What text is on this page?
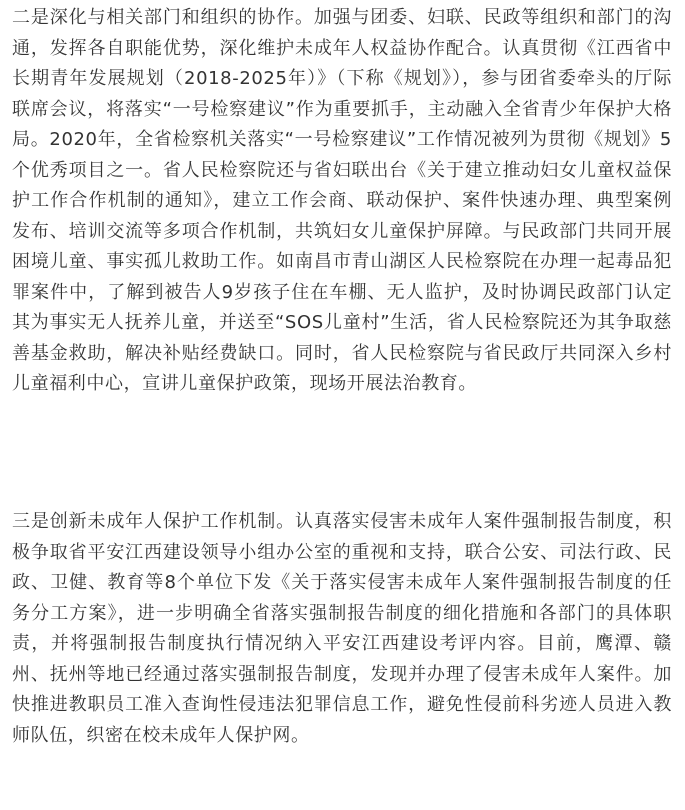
二是深化与相关部门和组织的协作。加强与团委、妇联、民政等组织和部门的沟通，发挥各自职能优势，深化维护未成年人权益协作配合。认真贯彻《江西省中长期青年发展规划（2018-2025年）》（下称《规划》），参与团省委牵头的厅际联席会议，将落实“一号检察建议”作为重要抓手，主动融入全省青少年保护大格局。2020年，全省检察机关落实“一号检察建议”工作情况被列为贯彻《规划》5个优秀项目之一。省人民检察院还与省妇联出台《关于建立推动妇女儿童权益保护工作合作机制的通知》，建立工作会商、联动保护、案件快速办理、典型案例发布、培训交流等多项合作机制，共筑妇女儿童保护屏障。与民政部门共同开展困境儿童、事实孤儿救助工作。如南昌市青山湖区人民检察院在办理一起毒品犯罪案件中，了解到被告人9岁孩子住在车棚、无人监护，及时协调民政部门认定其为事实无人抚养儿童，并送至“SOS儿童村”生活，省人民检察院还为其争取慈善基金救助，解决补贴经费缺口。同时，省人民检察院与省民政厅共同深入乡村儿童福利中心，宣讲儿童保护政策，现场开展法治教育。

三是创新未成年人保护工作机制。认真落实侵害未成年人案件强制报告制度，积极争取省平安江西建设领导小组办公室的重视和支持，联合公安、司法行政、民政、卫健、教育等8个单位下发《关于落实侵害未成年人案件强制报告制度的任务分工方案》，进一步明确全省落实强制报告制度的细化措施和各部门的具体职责，并将强制报告制度执行情况纳入平安江西建设考评内容。目前，鹰潭、赣州、抚州等地已经通过落实强制报告制度，发现并办理了侵害未成年人案件。加快推进教职员工准入查询性侵违法犯罪信息工作，避免性侵前科劣迹人员进入教师队伍，织密在校未成年人保护网。
